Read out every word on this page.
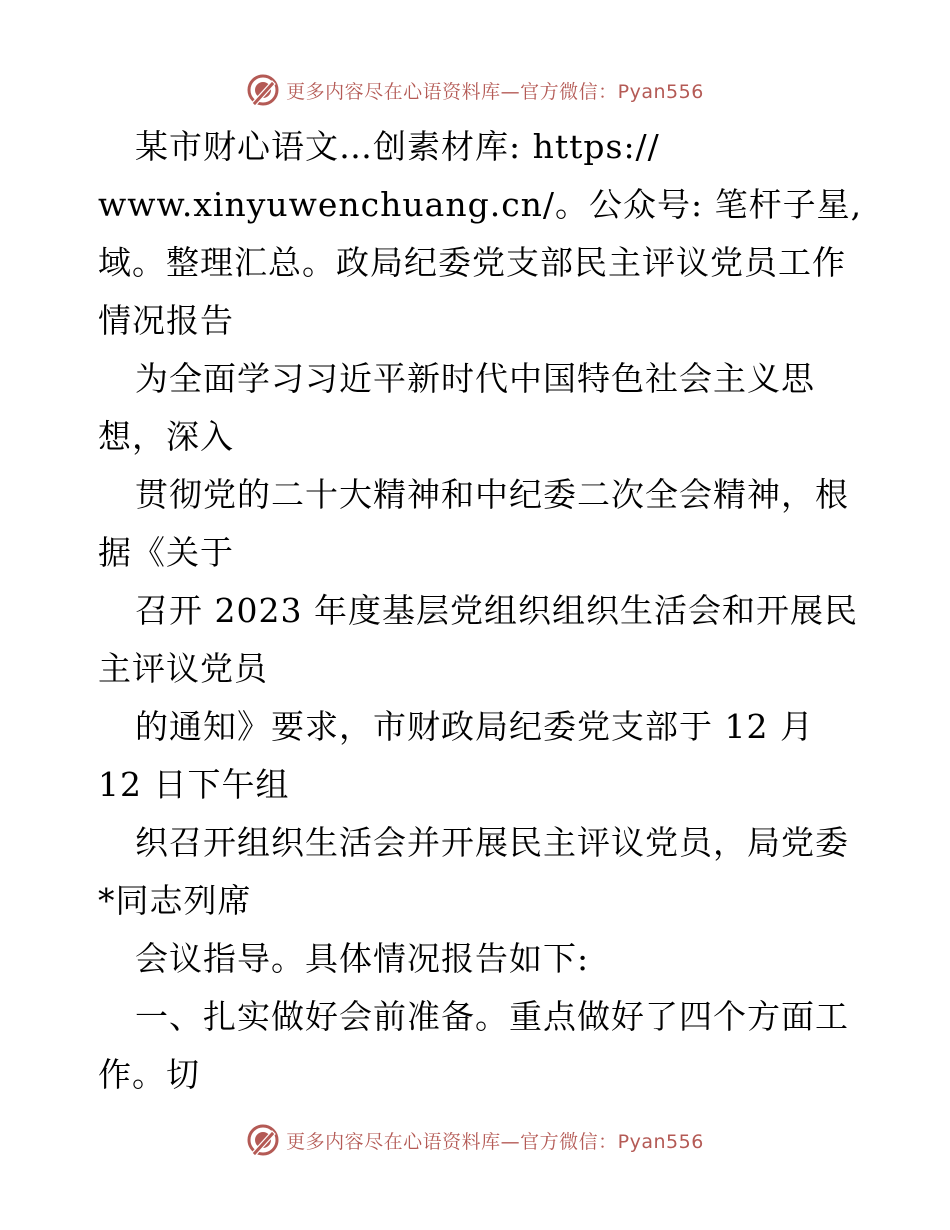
更多内容尽在心语资料库—官方微信：Pyan556
某市财心语文…创素材库: https://
www.xinyuwenchuang.cn/。公众号: 笔杆子星,
域。整理汇总。政局纪委党支部民主评议党员工作
情况报告
为全面学习习近平新时代中国特色社会主义思
想，深入
贯彻党的二十大精神和中纪委二次全会精神，根
据《关于
召开 2023 年度基层党组织组织生活会和开展民
主评议党员
的通知》要求，市财政局纪委党支部于 12 月
12 日下午组
织召开组织生活会并开展民主评议党员，局党委
*同志列席
会议指导。具体情况报告如下:
一、扎实做好会前准备。重点做好了四个方面工
作。切
更多内容尽在心语资料库—官方微信：Pyan556
